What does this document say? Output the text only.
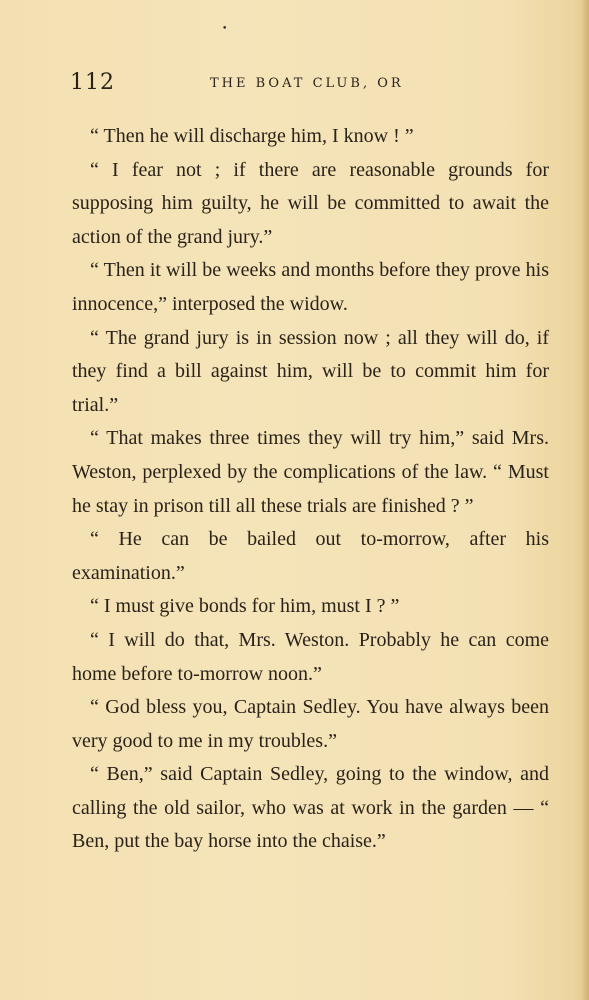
•
112	THE BOAT CLUB, OR

“ Then he will discharge him, I know ! ”

“ I fear not ; if there are reasonable grounds for supposing him guilty, he will be committed to await the action of the grand jury.”

“ Then it will be weeks and months before they prove his innocence,” interposed the widow.

“ The grand jury is in session now ; all they will do, if they find a bill against him, will be to commit him for trial.”

“ That makes three times they will try him,” said Mrs. Weston, perplexed by the complications of the law. “ Must he stay in prison till all these trials are finished ? ”

“ He can be bailed out to-morrow, after his examination.”

“ I must give bonds for him, must I ? ”

“ I will do that, Mrs. Weston. Probably he can come home before to-morrow noon.”

“ God bless you, Captain Sedley. You have always been very good to me in my troubles.”

“ Ben,” said Captain Sedley, going to the window, and calling the old sailor, who was at work in the garden — “ Ben, put the bay horse into the chaise.”
